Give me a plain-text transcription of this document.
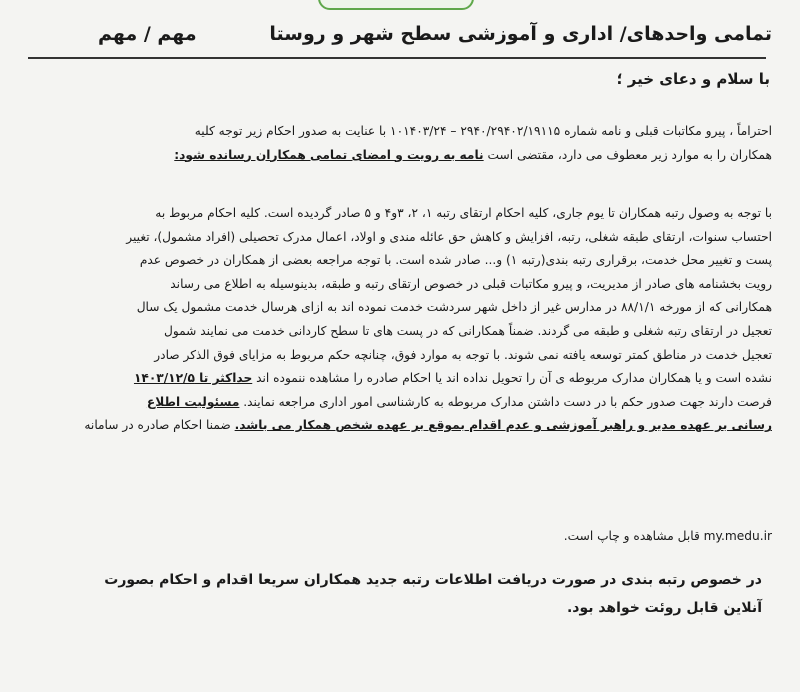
تمامی واحدهای/ اداری و آموزشی سطح شهر و روستا
مهم / مهم
با سلام و دعای خیر ؛
احتراماً ، پیرو مکاتبات قبلی و نامه شماره ۲۹۴۰/۲۹۴۰۲/۱۹۱۱۵ – ۱۰۱۴۰۳/۲۴ با عنایت به صدور احکام زیر توجه کلیه
همکاران را به موارد زیر معطوف می دارد، مقتضی است نامه به رویت و امضای تمامی همکاران رسانده شود:
با توجه به وصول رتبه همکاران تا یوم جاری، کلیه احکام ارتقای رتبه ۱، ۲، ۳و۴ و ۵ صادر گردیده است. کلیه احکام مربوط به
احتساب سنوات، ارتقای طبقه شغلی، رتبه، افزایش و کاهش حق عائله مندی و اولاد، اعمال مدرک تحصیلی (افراد مشمول)، تغییر
پست و تغییر محل خدمت، برقراری رتبه بندی(رتبه ۱) و... صادر شده است. با توجه مراجعه بعضی از همکاران در خصوص عدم
رویت بخشنامه های صادر از مدیریت، و پیرو مکاتبات قبلی در خصوص ارتقای رتبه و طبقه، بدینوسیله به اطلاع می رساند
همکارانی که از مورخه ۸۸/۱/۱ در مدارس غیر از داخل شهر سردشت خدمت نموده اند به ازای هرسال خدمت مشمول یک سال
تعجیل در ارتقای رتبه شغلی و طبقه می گردند. ضمناً همکارانی که در پست های تا سطح کاردانی خدمت می نمایند شمول
تعجیل خدمت در مناطق کمتر توسعه یافته نمی شوند. با توجه به موارد فوق، چنانچه حکم مربوط به مزایای فوق الذکر صادر
نشده است و یا همکاران مدارک مربوطه ی آن را تحویل نداده اند یا احکام صادره را مشاهده ننموده اند حداکثر تا ۱۴۰۳/۱۲/۵
فرصت دارند جهت صدور حکم با در دست داشتن مدارک مربوطه به کارشناسی امور اداری مراجعه نمایند. مسئولیت اطلاع
رسانی بر عهده مدیر و راهبر آموزشی و عدم اقدام بموقع بر عهده شخص همکار می باشد. ضمنا احکام صادره در سامانه
my.medu.ir قابل مشاهده و چاپ است.
در خصوص رتبه بندی در صورت دریافت اطلاعات رتبه جدید همکاران سریعا اقدام و احکام بصورت
آنلاین قابل روئت خواهد بود.
